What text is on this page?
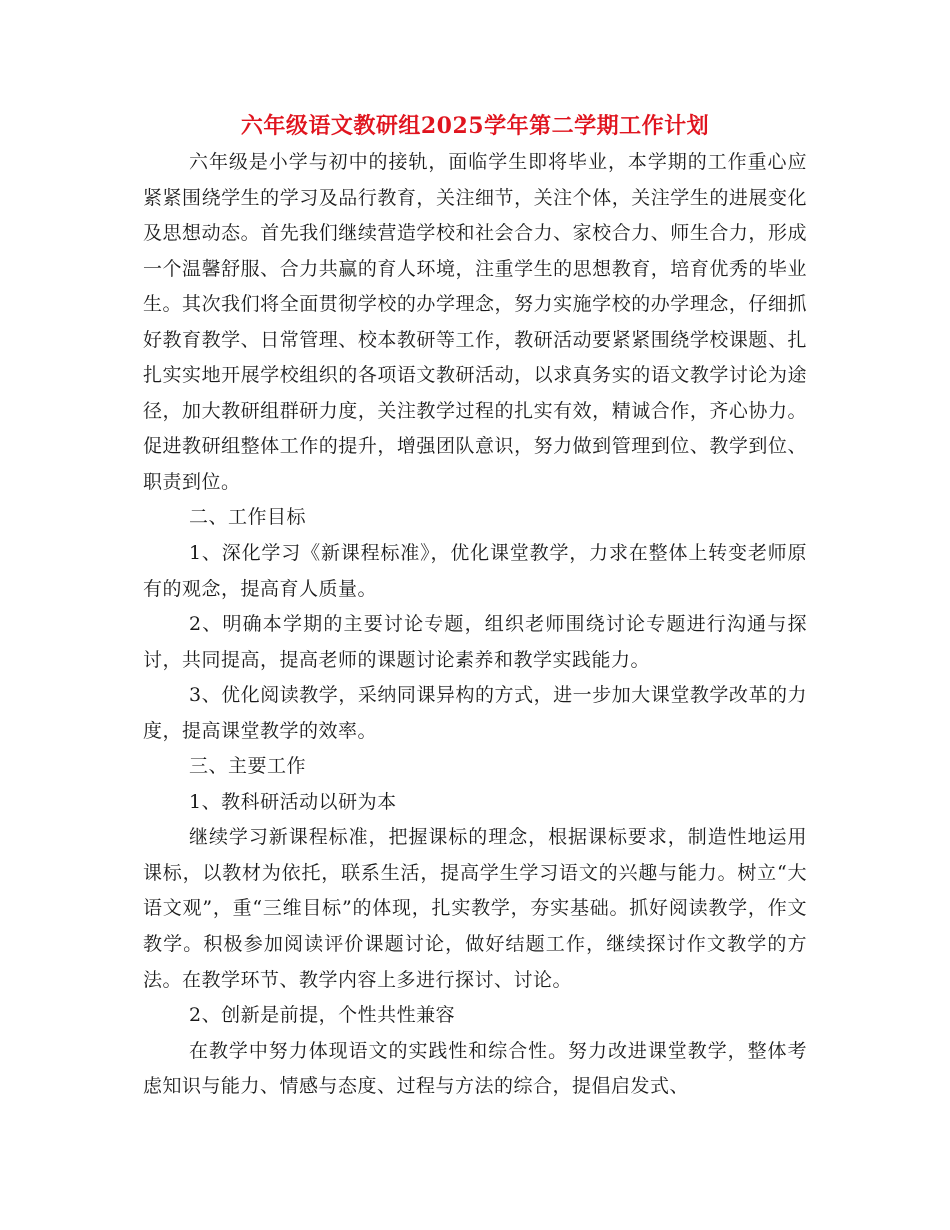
六年级语文教研组2025学年第二学期工作计划

六年级是小学与初中的接轨，面临学生即将毕业，本学期的工作重心应紧紧围绕学生的学习及品行教育，关注细节，关注个体，关注学生的进展变化及思想动态。首先我们继续营造学校和社会合力、家校合力、师生合力，形成一个温馨舒服、合力共赢的育人环境，注重学生的思想教育，培育优秀的毕业生。其次我们将全面贯彻学校的办学理念，努力实施学校的办学理念，仔细抓好教育教学、日常管理、校本教研等工作，教研活动要紧紧围绕学校课题、扎扎实实地开展学校组织的各项语文教研活动，以求真务实的语文教学讨论为途径，加大教研组群研力度，关注教学过程的扎实有效，精诚合作，齐心协力。促进教研组整体工作的提升，增强团队意识，努力做到管理到位、教学到位、职责到位。

二、工作目标

1、深化学习《新课程标准》，优化课堂教学，力求在整体上转变老师原有的观念，提高育人质量。

2、明确本学期的主要讨论专题，组织老师围绕讨论专题进行沟通与探讨，共同提高，提高老师的课题讨论素养和教学实践能力。

3、优化阅读教学，采纳同课异构的方式，进一步加大课堂教学改革的力度，提高课堂教学的效率。

三、主要工作

1、教科研活动以研为本

继续学习新课程标准，把握课标的理念，根据课标要求，制造性地运用课标，以教材为依托，联系生活，提高学生学习语文的兴趣与能力。树立“大语文观”，重“三维目标”的体现，扎实教学，夯实基础。抓好阅读教学，作文教学。积极参加阅读评价课题讨论，做好结题工作，继续探讨作文教学的方法。在教学环节、教学内容上多进行探讨、讨论。

2、创新是前提，个性共性兼容

在教学中努力体现语文的实践性和综合性。努力改进课堂教学，整体考虑知识与能力、情感与态度、过程与方法的综合，提倡启发式、
